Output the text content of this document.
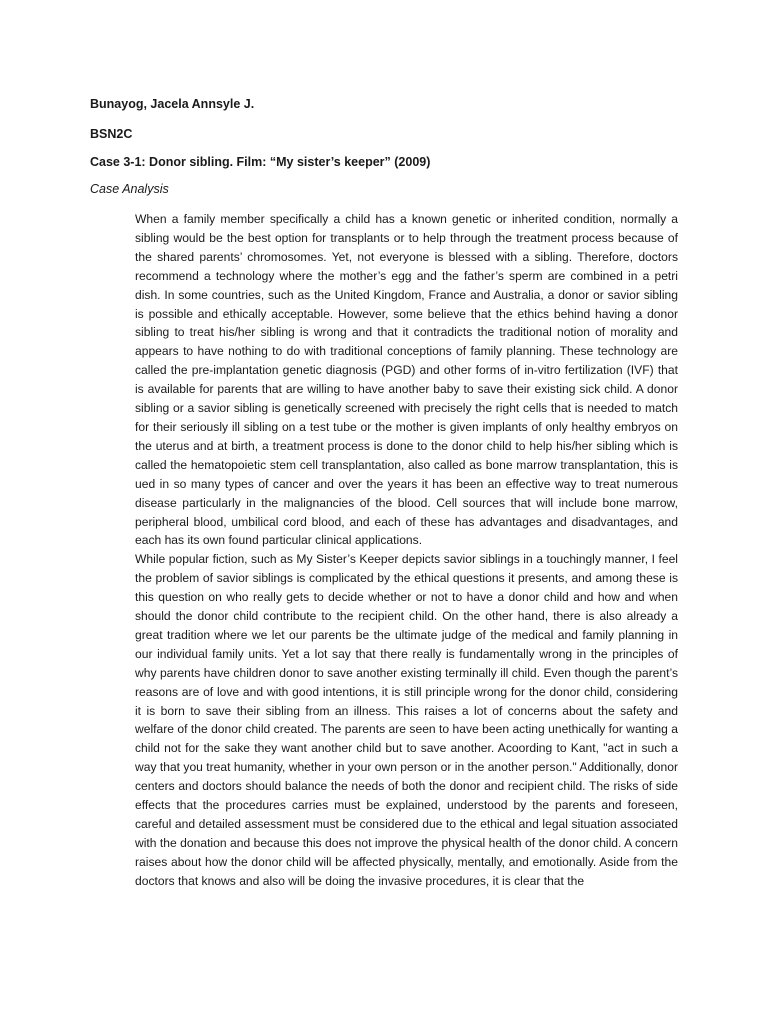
Bunayog, Jacela Annsyle J.
BSN2C
Case 3-1: Donor sibling. Film: “My sister’s keeper” (2009)
Case Analysis

When a family member specifically a child has a known genetic or inherited condition, normally a sibling would be the best option for transplants or to help through the treatment process because of the shared parents’ chromosomes. Yet, not everyone is blessed with a sibling. Therefore, doctors recommend a technology where the mother’s egg and the father’s sperm are combined in a petri dish. In some countries, such as the United Kingdom, France and Australia, a donor or savior sibling is possible and ethically acceptable. However, some believe that the ethics behind having a donor sibling to treat his/her sibling is wrong and that it contradicts the traditional notion of morality and appears to have nothing to do with traditional conceptions of family planning. These technology are called the pre-implantation genetic diagnosis (PGD) and other forms of in-vitro fertilization (IVF) that is available for parents that are willing to have another baby to save their existing sick child. A donor sibling or a savior sibling is genetically screened with precisely the right cells that is needed to match for their seriously ill sibling on a test tube or the mother is given implants of only healthy embryos on the uterus and at birth, a treatment process is done to the donor child to help his/her sibling which is called the hematopoietic stem cell transplantation, also called as bone marrow transplantation, this is ued in so many types of cancer and over the years it has been an effective way to treat numerous disease particularly in the malignancies of the blood. Cell sources that will include bone marrow, peripheral blood, umbilical cord blood, and each of these has advantages and disadvantages, and each has its own found particular clinical applications.

While popular fiction, such as My Sister’s Keeper depicts savior siblings in a touchingly manner, I feel the problem of savior siblings is complicated by the ethical questions it presents, and among these is this question on who really gets to decide whether or not to have a donor child and how and when should the donor child contribute to the recipient child. On the other hand, there is also already a great tradition where we let our parents be the ultimate judge of the medical and family planning in our individual family units. Yet a lot say that there really is fundamentally wrong in the principles of why parents have children donor to save another existing terminally ill child. Even though the parent’s reasons are of love and with good intentions, it is still principle wrong for the donor child, considering it is born to save their sibling from an illness. This raises a lot of concerns about the safety and welfare of the donor child created. The parents are seen to have been acting unethically for wanting a child not for the sake they want another child but to save another. Acoording to Kant, "act in such a way that you treat humanity, whether in your own person or in the another person." Additionally, donor centers and doctors should balance the needs of both the donor and recipient child. The risks of side effects that the procedures carries must be explained, understood by the parents and foreseen, careful and detailed assessment must be considered due to the ethical and legal situation associated with the donation and because this does not improve the physical health of the donor child. A concern raises about how the donor child will be affected physically, mentally, and emotionally. Aside from the doctors that knows and also will be doing the invasive procedures, it is clear that the
